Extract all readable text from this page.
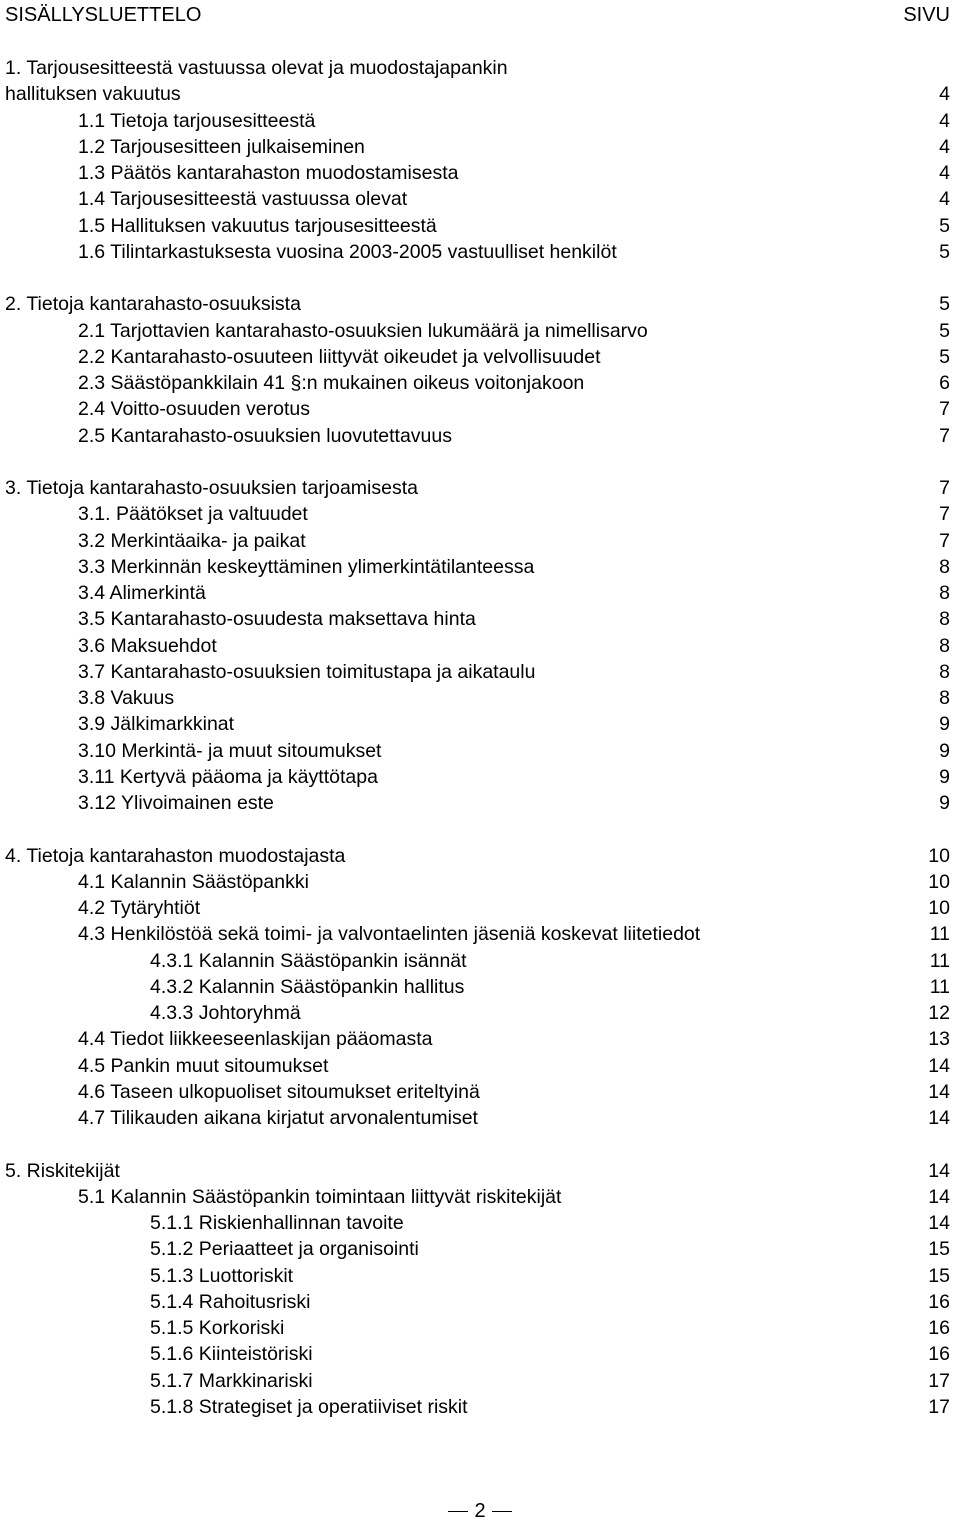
SISÄLLYSLUETTELO	SIVU
1. Tarjousesitteestä vastuussa olevat ja muodostajapankin
hallituksen vakuutus	4
1.1 Tietoja tarjousesitteestä	4
1.2 Tarjousesitteen julkaiseminen	4
1.3 Päätös kantarahaston muodostamisesta	4
1.4 Tarjousesitteestä vastuussa olevat	4
1.5 Hallituksen vakuutus tarjousesitteestä	5
1.6 Tilintarkastuksesta vuosina 2003-2005 vastuulliset henkilöt	5
2. Tietoja kantarahasto-osuuksista	5
2.1 Tarjottavien kantarahasto-osuuksien lukumäärä ja nimellisarvo	5
2.2 Kantarahasto-osuuteen liittyvät oikeudet ja velvollisuudet	5
2.3 Säästöpankkilain 41 §:n mukainen oikeus voitonjakoon	6
2.4 Voitto-osuuden verotus	7
2.5 Kantarahasto-osuuksien luovutettavuus	7
3. Tietoja kantarahasto-osuuksien tarjoamisesta	7
3.1. Päätökset ja valtuudet	7
3.2 Merkintäaika- ja paikat	7
3.3 Merkinnän keskeyttäminen ylimerkintätilanteessa	8
3.4 Alimerkintä	8
3.5 Kantarahasto-osuudesta maksettava hinta	8
3.6 Maksuehdot	8
3.7 Kantarahasto-osuuksien toimitustapa ja aikataulu	8
3.8 Vakuus	8
3.9 Jälkimarkkinat	9
3.10 Merkintä- ja muut sitoumukset	9
3.11 Kertyvä pääoma ja käyttötapa	9
3.12 Ylivoimainen este	9
4. Tietoja kantarahaston muodostajasta	10
4.1 Kalannin Säästöpankki	10
4.2 Tytäryhtiöt	10
4.3 Henkilöstöä sekä toimi- ja valvontaelinten jäseniä koskevat liitetiedot	11
4.3.1 Kalannin Säästöpankin isännät	11
4.3.2 Kalannin Säästöpankin hallitus	11
4.3.3 Johtoryhmä	12
4.4 Tiedot liikkeeseenlaskijan pääomasta	13
4.5 Pankin muut sitoumukset	14
4.6 Taseen ulkopuoliset sitoumukset eriteltyinä	14
4.7 Tilikauden aikana kirjatut arvonalentumiset	14
5. Riskitekijät	14
5.1 Kalannin Säästöpankin toimintaan liittyvät riskitekijät	14
5.1.1 Riskienhallinnan tavoite	14
5.1.2 Periaatteet ja organisointi	15
5.1.3 Luottoriskit	15
5.1.4 Rahoitusriski	16
5.1.5 Korkoriski	16
5.1.6 Kiinteistöriski	16
5.1.7 Markkinariski	17
5.1.8 Strategiset ja operatiiviset riskit	17
2
